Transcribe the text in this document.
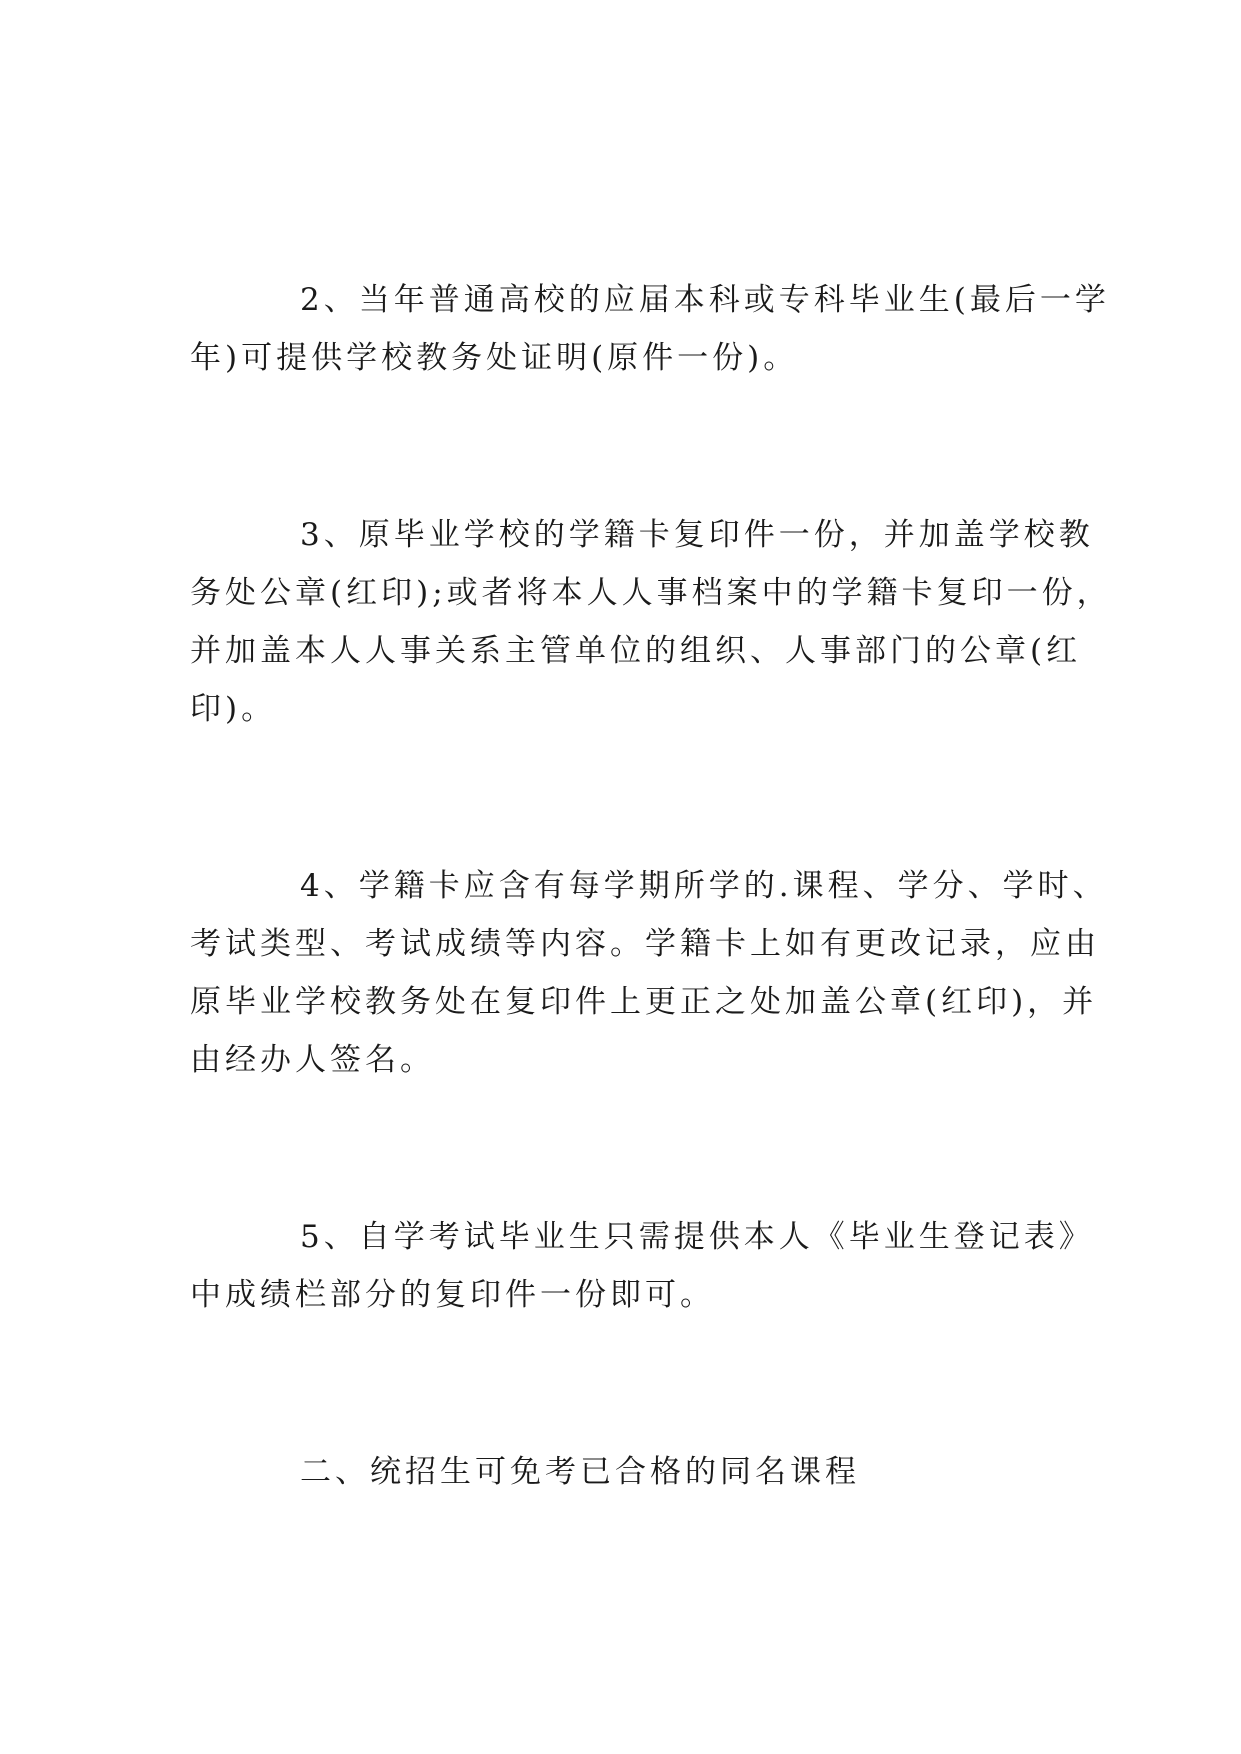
2、当年普通高校的应届本科或专科毕业生(最后一学

年)可提供学校教务处证明(原件一份)。

3、原毕业学校的学籍卡复印件一份，并加盖学校教

务处公章(红印);或者将本人人事档案中的学籍卡复印一份，

并加盖本人人事关系主管单位的组织、人事部门的公章(红

印)。

4、学籍卡应含有每学期所学的.课程、学分、学时、

考试类型、考试成绩等内容。学籍卡上如有更改记录，应由

原毕业学校教务处在复印件上更正之处加盖公章(红印)，并

由经办人签名。

5、自学考试毕业生只需提供本人《毕业生登记表》

中成绩栏部分的复印件一份即可。

二、统招生可免考已合格的同名课程
